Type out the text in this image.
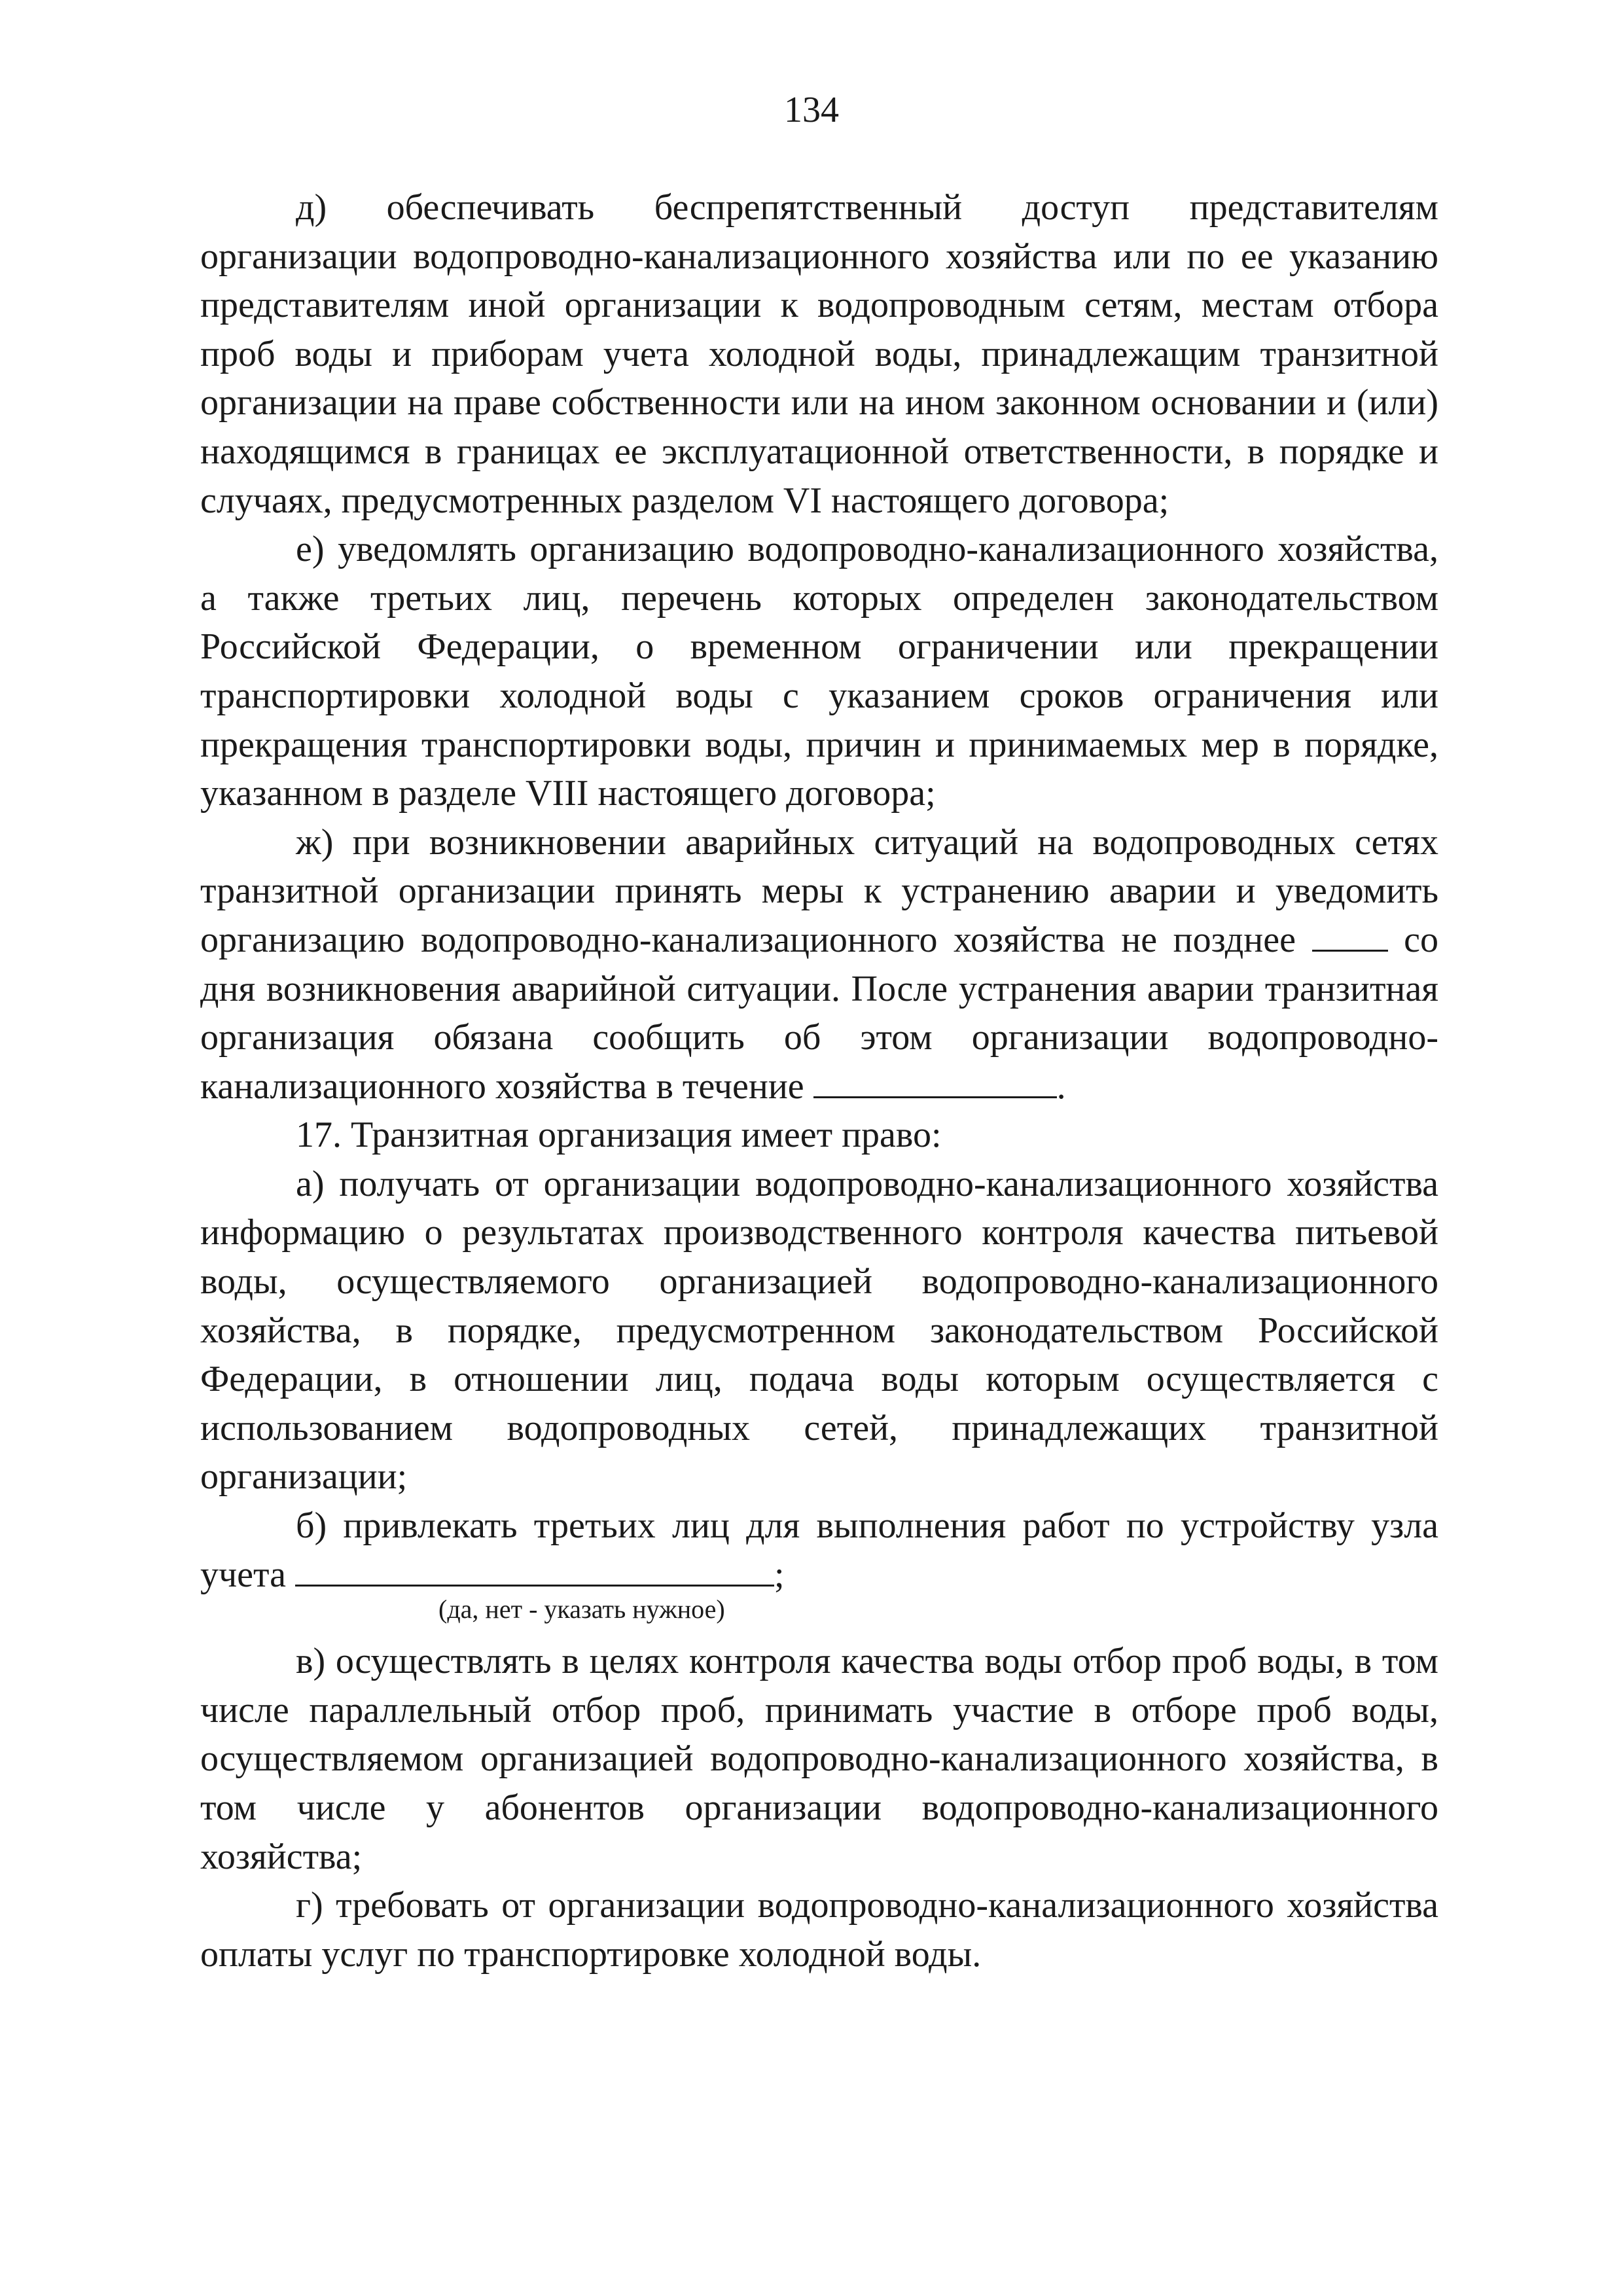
134

д) обеспечивать беспрепятственный доступ представителям организации водопроводно-канализационного хозяйства или по ее указанию представителям иной организации к водопроводным сетям, местам отбора проб воды и приборам учета холодной воды, принадлежащим транзитной организации на праве собственности или на ином законном основании и (или) находящимся в границах ее эксплуатационной ответственности, в порядке и случаях, предусмотренных разделом VI настоящего договора;

е) уведомлять организацию водопроводно-канализационного хозяйства, а также третьих лиц, перечень которых определен законодательством Российской Федерации, о временном ограничении или прекращении транспортировки холодной воды с указанием сроков ограничения или прекращения транспортировки воды, причин и принимаемых мер в порядке, указанном в разделе VIII настоящего договора;

ж) при возникновении аварийных ситуаций на водопроводных сетях транзитной организации принять меры к устранению аварии и уведомить организацию водопроводно-канализационного хозяйства не позднее	со дня возникновения аварийной ситуации. После устранения аварии транзитная организация обязана сообщить об этом организации водопроводно-канализационного хозяйства в течение	.

17. Транзитная организация имеет право:

а) получать от организации водопроводно-канализационного хозяйства информацию о результатах производственного контроля качества питьевой воды, осуществляемого организацией водопроводно-канализационного хозяйства, в порядке, предусмотренном законодательством Российской Федерации, в отношении лиц, подача воды которым осуществляется с использованием водопроводных сетей, принадлежащих транзитной организации;

б) привлекать третьих лиц для выполнения работ по устройству узла учета	;

(да, нет - указать нужное)

в) осуществлять в целях контроля качества воды отбор проб воды, в том числе параллельный отбор проб, принимать участие в отборе проб воды, осуществляемом организацией водопроводно-канализационного хозяйства, в том числе у абонентов организации водопроводно-канализационного хозяйства;

г) требовать от организации водопроводно-канализационного хозяйства оплаты услуг по транспортировке холодной воды.
